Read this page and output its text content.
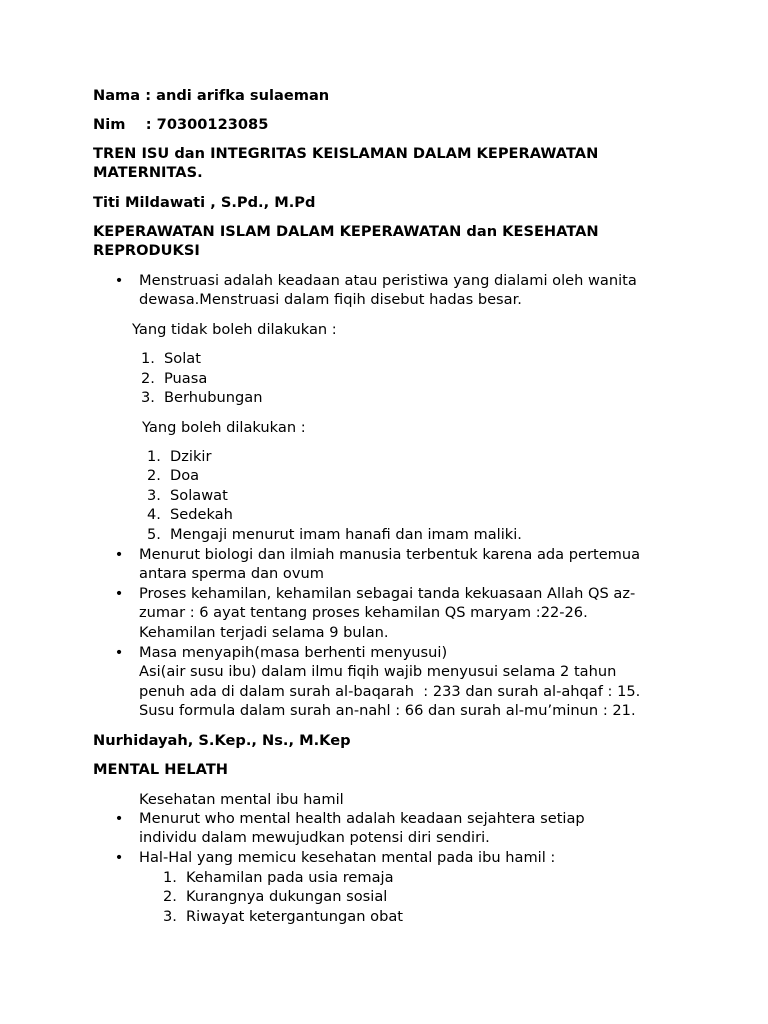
Nama : andi arifka sulaeman
Nim    : 70300123085
TREN ISU dan INTEGRITAS KEISLAMAN DALAM KEPERAWATAN
MATERNITAS.
Titi Mildawati , S.Pd., M.Pd
KEPERAWATAN ISLAM DALAM KEPERAWATAN dan KESEHATAN
REPRODUKSI
• Menstruasi adalah keadaan atau peristiwa yang dialami oleh wanita
dewasa.Menstruasi dalam fiqih disebut hadas besar.
Yang tidak boleh dilakukan :
1. Solat
2. Puasa
3. Berhubungan
Yang boleh dilakukan :
1. Dzikir
2. Doa
3. Solawat
4. Sedekah
5. Mengaji menurut imam hanafi dan imam maliki.
• Menurut biologi dan ilmiah manusia terbentuk karena ada pertemua
antara sperma dan ovum
• Proses kehamilan, kehamilan sebagai tanda kekuasaan Allah QS az-
zumar : 6 ayat tentang proses kehamilan QS maryam :22-26.
Kehamilan terjadi selama 9 bulan.
• Masa menyapih(masa berhenti menyusui)
Asi(air susu ibu) dalam ilmu fiqih wajib menyusui selama 2 tahun
penuh ada di dalam surah al-baqarah  : 233 dan surah al-ahqaf : 15.
Susu formula dalam surah an-nahl : 66 dan surah al-mu’minun : 21.
Nurhidayah, S.Kep., Ns., M.Kep
MENTAL HELATH
Kesehatan mental ibu hamil
• Menurut who mental health adalah keadaan sejahtera setiap
individu dalam mewujudkan potensi diri sendiri.
• Hal-Hal yang memicu kesehatan mental pada ibu hamil :
1. Kehamilan pada usia remaja
2. Kurangnya dukungan sosial
3. Riwayat ketergantungan obat
